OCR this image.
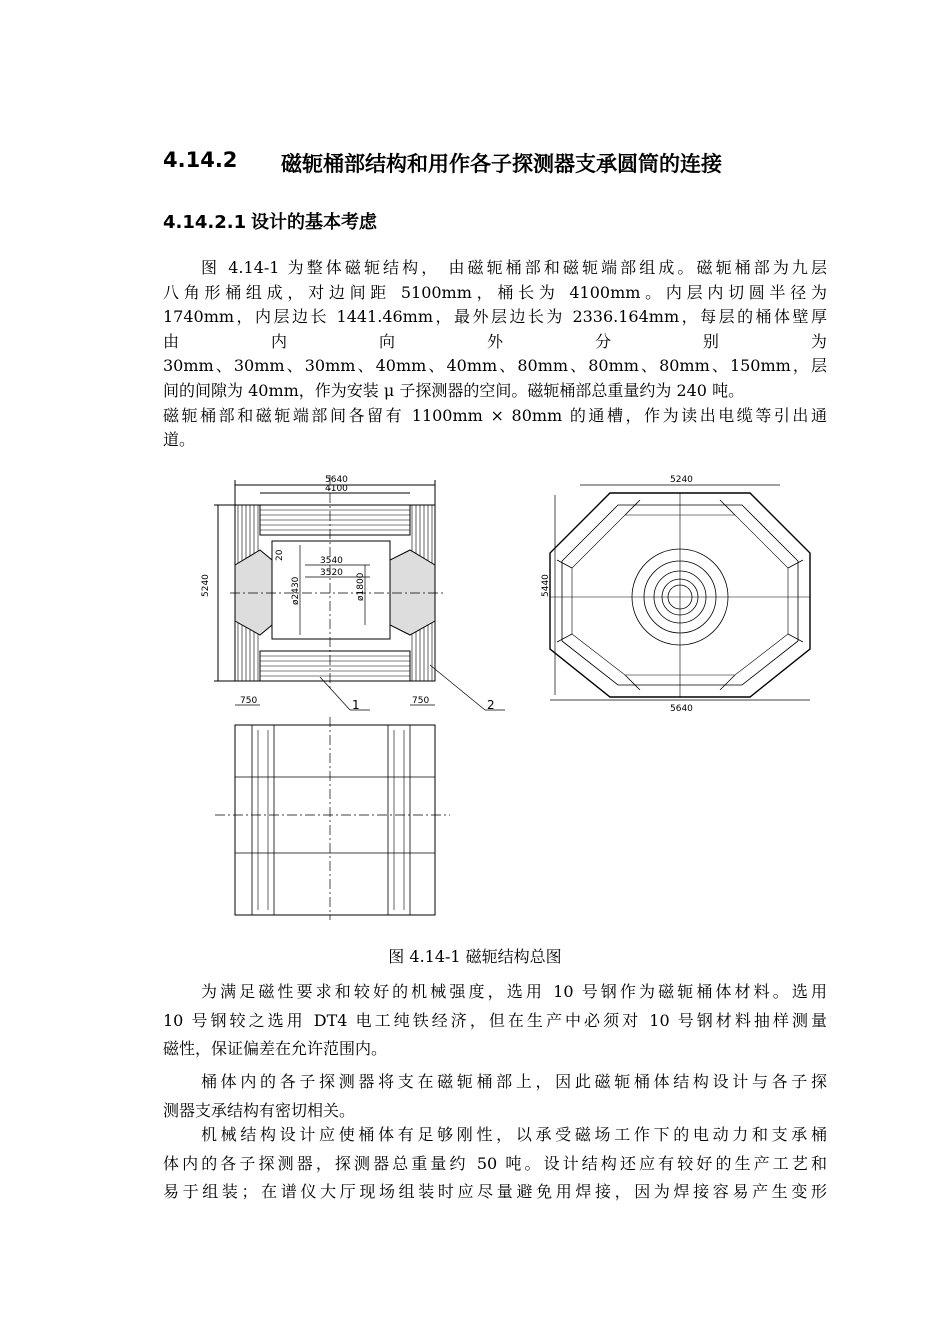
4.14.2 磁轭桶部结构和用作各子探测器支承圆筒的连接
4.14.2.1 设计的基本考虑
图 4.14-1 为整体磁轭结构， 由磁轭桶部和磁轭端部组成。磁轭桶部为九层
八角形桶组成，对边间距 5100mm，桶长为 4100mm。内层内切圆半径为
1740mm，内层边长 1441.46mm，最外层边长为 2336.164mm，每层的桶体壁厚
由	内	向	外	分	别	为
30mm、30mm、30mm、40mm、40mm、80mm、80mm、80mm、150mm，层
间的间隙为 40mm，作为安装 μ 子探测器的空间。磁轭桶部总重量约为 240 吨。
磁轭桶部和磁轭端部间各留有 1100mm × 80mm 的通槽，作为读出电缆等引出通
道。
5640
4100
5240
20	3540
3520
ø2430	ø1800
750	750
1	2
5240
5440
5640
图 4.14-1 磁轭结构总图
为满足磁性要求和较好的机械强度，选用 10 号钢作为磁轭桶体材料。选用
10 号钢较之选用 DT4 电工纯铁经济，但在生产中必须对 10 号钢材料抽样测量
磁性，保证偏差在允许范围内。
桶体内的各子探测器将支在磁轭桶部上，因此磁轭桶体结构设计与各子探
测器支承结构有密切相关。
机械结构设计应使桶体有足够刚性，以承受磁场工作下的电动力和支承桶
体内的各子探测器，探测器总重量约 50 吨。设计结构还应有较好的生产工艺和
易于组装；在谱仪大厅现场组装时应尽量避免用焊接，因为焊接容易产生变形
